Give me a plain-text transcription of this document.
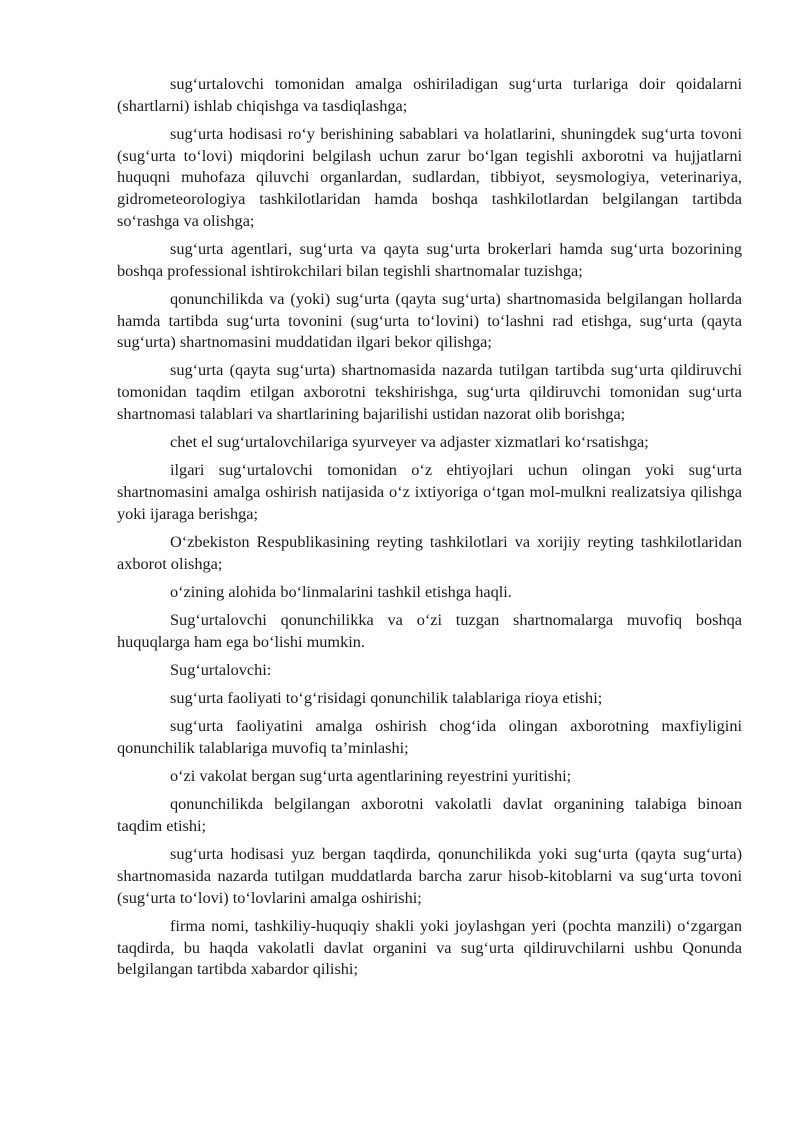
sug‘urtalovchi tomonidan amalga oshiriladigan sug‘urta turlariga doir qoidalarni (shartlarni) ishlab chiqishga va tasdiqlashga;

sug‘urta hodisasi ro‘y berishining sabablari va holatlarini, shuningdek sug‘urta tovoni (sug‘urta to‘lovi) miqdorini belgilash uchun zarur bo‘lgan tegishli axborotni va hujjatlarni huquqni muhofaza qiluvchi organlardan, sudlardan, tibbiyot, seysmologiya, veterinariya, gidrometeorologiya tashkilotlaridan hamda boshqa tashkilotlardan belgilangan tartibda so‘rashga va olishga;

sug‘urta agentlari, sug‘urta va qayta sug‘urta brokerlari hamda sug‘urta bozorining boshqa professional ishtirokchilari bilan tegishli shartnomalar tuzishga;

qonunchilikda va (yoki) sug‘urta (qayta sug‘urta) shartnomasida belgilangan hollarda hamda tartibda sug‘urta tovonini (sug‘urta to‘lovini) to‘lashni rad etishga, sug‘urta (qayta sug‘urta) shartnomasini muddatidan ilgari bekor qilishga;

sug‘urta (qayta sug‘urta) shartnomasida nazarda tutilgan tartibda sug‘urta qildiruvchi tomonidan taqdim etilgan axborotni tekshirishga, sug‘urta qildiruvchi tomonidan sug‘urta shartnomasi talablari va shartlarining bajarilishi ustidan nazorat olib borishga;

chet el sug‘urtalovchilariga syurveyer va adjaster xizmatlari ko‘rsatishga;

ilgari sug‘urtalovchi tomonidan o‘z ehtiyojlari uchun olingan yoki sug‘urta shartnomasini amalga oshirish natijasida o‘z ixtiyoriga o‘tgan mol-mulkni realizatsiya qilishga yoki ijaraga berishga;

O‘zbekiston Respublikasining reyting tashkilotlari va xorijiy reyting tashkilotlaridan axborot olishga;

o‘zining alohida bo‘linmalarini tashkil etishga haqli.

Sug‘urtalovchi qonunchilikka va o‘zi tuzgan shartnomalarga muvofiq boshqa huquqlarga ham ega bo‘lishi mumkin.

Sug‘urtalovchi:

sug‘urta faoliyati to‘g‘risidagi qonunchilik talablariga rioya etishi;

sug‘urta faoliyatini amalga oshirish chog‘ida olingan axborotning maxfiyligini qonunchilik talablariga muvofiq ta’minlashi;

o‘zi vakolat bergan sug‘urta agentlarining reyestrini yuritishi;

qonunchilikda belgilangan axborotni vakolatli davlat organining talabiga binoan taqdim etishi;

sug‘urta hodisasi yuz bergan taqdirda, qonunchilikda yoki sug‘urta (qayta sug‘urta) shartnomasida nazarda tutilgan muddatlarda barcha zarur hisob-kitoblarni va sug‘urta tovoni (sug‘urta to‘lovi) to‘lovlarini amalga oshirishi;

firma nomi, tashkiliy-huquqiy shakli yoki joylashgan yeri (pochta manzili) o‘zgargan taqdirda, bu haqda vakolatli davlat organini va sug‘urta qildiruvchilarni ushbu Qonunda belgilangan tartibda xabardor qilishi;
